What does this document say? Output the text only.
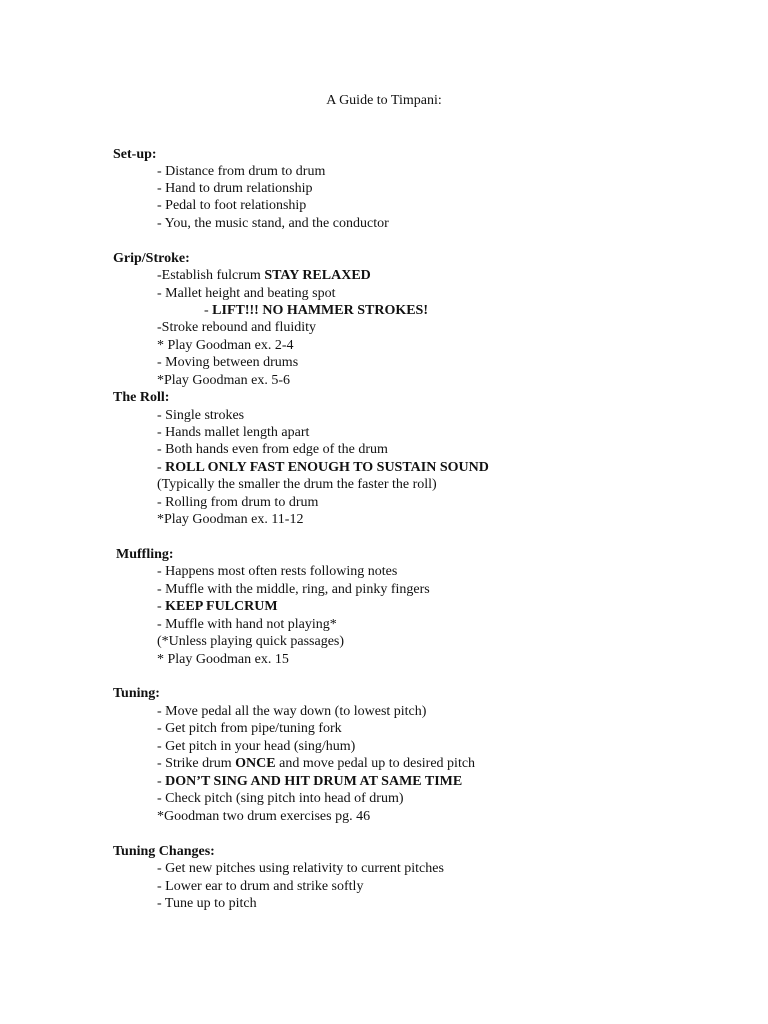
A Guide to Timpani:
Set-up:
- Distance from drum to drum
- Hand to drum relationship
- Pedal to foot relationship
- You, the music stand, and the conductor
Grip/Stroke:
-Establish fulcrum STAY RELAXED
- Mallet height and beating spot
- LIFT!!! NO HAMMER STROKES!
-Stroke rebound and fluidity
* Play Goodman ex. 2-4
- Moving between drums
*Play Goodman ex. 5-6
The Roll:
- Single strokes
- Hands mallet length apart
- Both hands even from edge of the drum
- ROLL ONLY FAST ENOUGH TO SUSTAIN SOUND
(Typically the smaller the drum the faster the roll)
- Rolling from drum to drum
*Play Goodman ex. 11-12
Muffling:
- Happens most often rests following notes
- Muffle with the middle, ring, and pinky fingers
- KEEP FULCRUM
- Muffle with hand not playing*
(*Unless playing quick passages)
* Play Goodman ex. 15
Tuning:
- Move pedal all the way down (to lowest pitch)
- Get pitch from pipe/tuning fork
- Get pitch in your head (sing/hum)
- Strike drum ONCE and move pedal up to desired pitch
- DON’T SING AND HIT DRUM AT SAME TIME
- Check pitch (sing pitch into head of drum)
*Goodman two drum exercises pg. 46
Tuning Changes:
- Get new pitches using relativity to current pitches
- Lower ear to drum and strike softly
- Tune up to pitch
